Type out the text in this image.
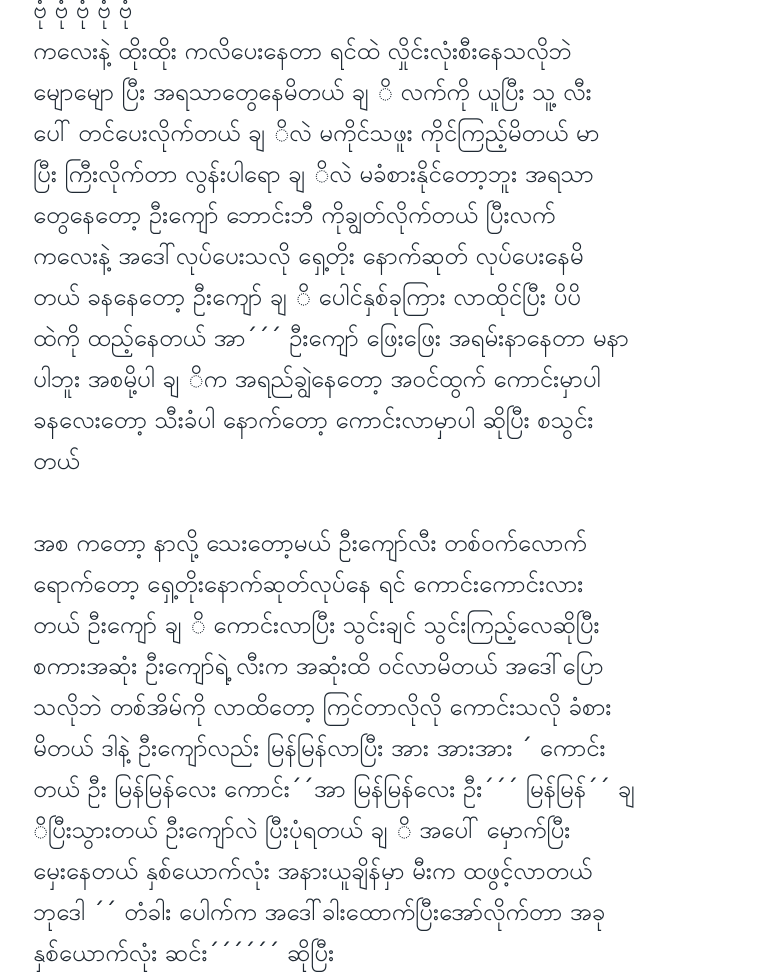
ဗုံ ဗုံ ဗုံ ဗုံ ဗုံ
ကလေးနဲ့ ထိုးထိုး ကလိပေးနေတာ ရင်ထဲ လှိုင်းလုံးစီးနေသလိုဘဲ
မျောမျော ပြီး အရသာတွေနေမိတယ် ချ ိ လက်ကို ယူပြီး သူ့ လီး
ပေါ် တင်ပေးလိုက်တယ် ချ ိလဲ မကိုင်သဖူး ကိုင်ကြည့်မိတယ် မာ
ပြီး ကြီးလိုက်တာ လွန်းပါရော ချ ိလဲ မခံစားနိုင်တော့ဘူး အရသာ
တွေနေတော့ ဦးကျော် ဘောင်းဘီ ကိုချွတ်လိုက်တယ် ပြီးလက်
ကလေးနဲ့ အဒေါ်လုပ်ပေးသလို ရှေ့တိုး နောက်ဆုတ် လုပ်ပေးနေမိ
တယ် ခနနေတော့ ဦးကျော် ချ ိ ပေါင်နှစ်ခုကြား လာထိုင်ပြီး ပိပိ
ထဲကို ထည့်နေတယ် အာ´´´ ဦးကျော် ဖြေးဖြေး အရမ်းနာနေတာ မနာ
ပါဘူး အစမို့ပါ ချ ိက အရည်ချွဲနေတော့ အဝင်ထွက် ကောင်းမှာပါ
ခနလေးတော့ သီးခံပါ နောက်တော့ ကောင်းလာမှာပါ ဆိုပြီး စသွင်း
တယ်
အစ ကတော့ နာလို့ သေးတော့မယ် ဦးကျော်လီး တစ်ဝက်လောက်
ရောက်တော့ ရှေ့တိုးနောက်ဆုတ်လုပ်နေ ရင် ကောင်းကောင်းလား
တယ် ဦးကျော် ချ ိ ကောင်းလာပြီး သွင်းချင် သွင်းကြည့်လေဆိုပြီး
စကားအဆုံး ဦးကျော်ရဲ့ လီးက အဆုံးထိ ဝင်လာမိတယ် အဒေါ်ပြော
သလိုဘဲ တစ်အိမ်ကို လာထိတော့ ကြင်တာလိုလို ကောင်းသလို ခံစား
မိတယ် ဒါနဲ့ ဦးကျော်လည်း မြန်မြန်လာပြီး အား အားအား ´ ကောင်း
တယ် ဦး မြန်မြန်လေး ကောင်း´´အာ မြန်မြန်လေး ဦး´´´ မြန်မြန်´´ ချ
ိပြီးသွားတယ် ဦးကျော်လဲ ပြီးပုံရတယ် ချ ိ အပေါ် မှောက်ပြီး
မှေးနေတယ် နှစ်ယောက်လုံး အနားယူချိန်မှာ မီးက ထဖွင့်လာတယ်
ဘုဒေါ ´´ တံခါး ပေါက်က အဒေါ်ခါးထောက်ပြီးအော်လိုက်တာ အခု
နှစ်ယောက်လုံး ဆင်း´´´´´´ ဆိုပြီး
